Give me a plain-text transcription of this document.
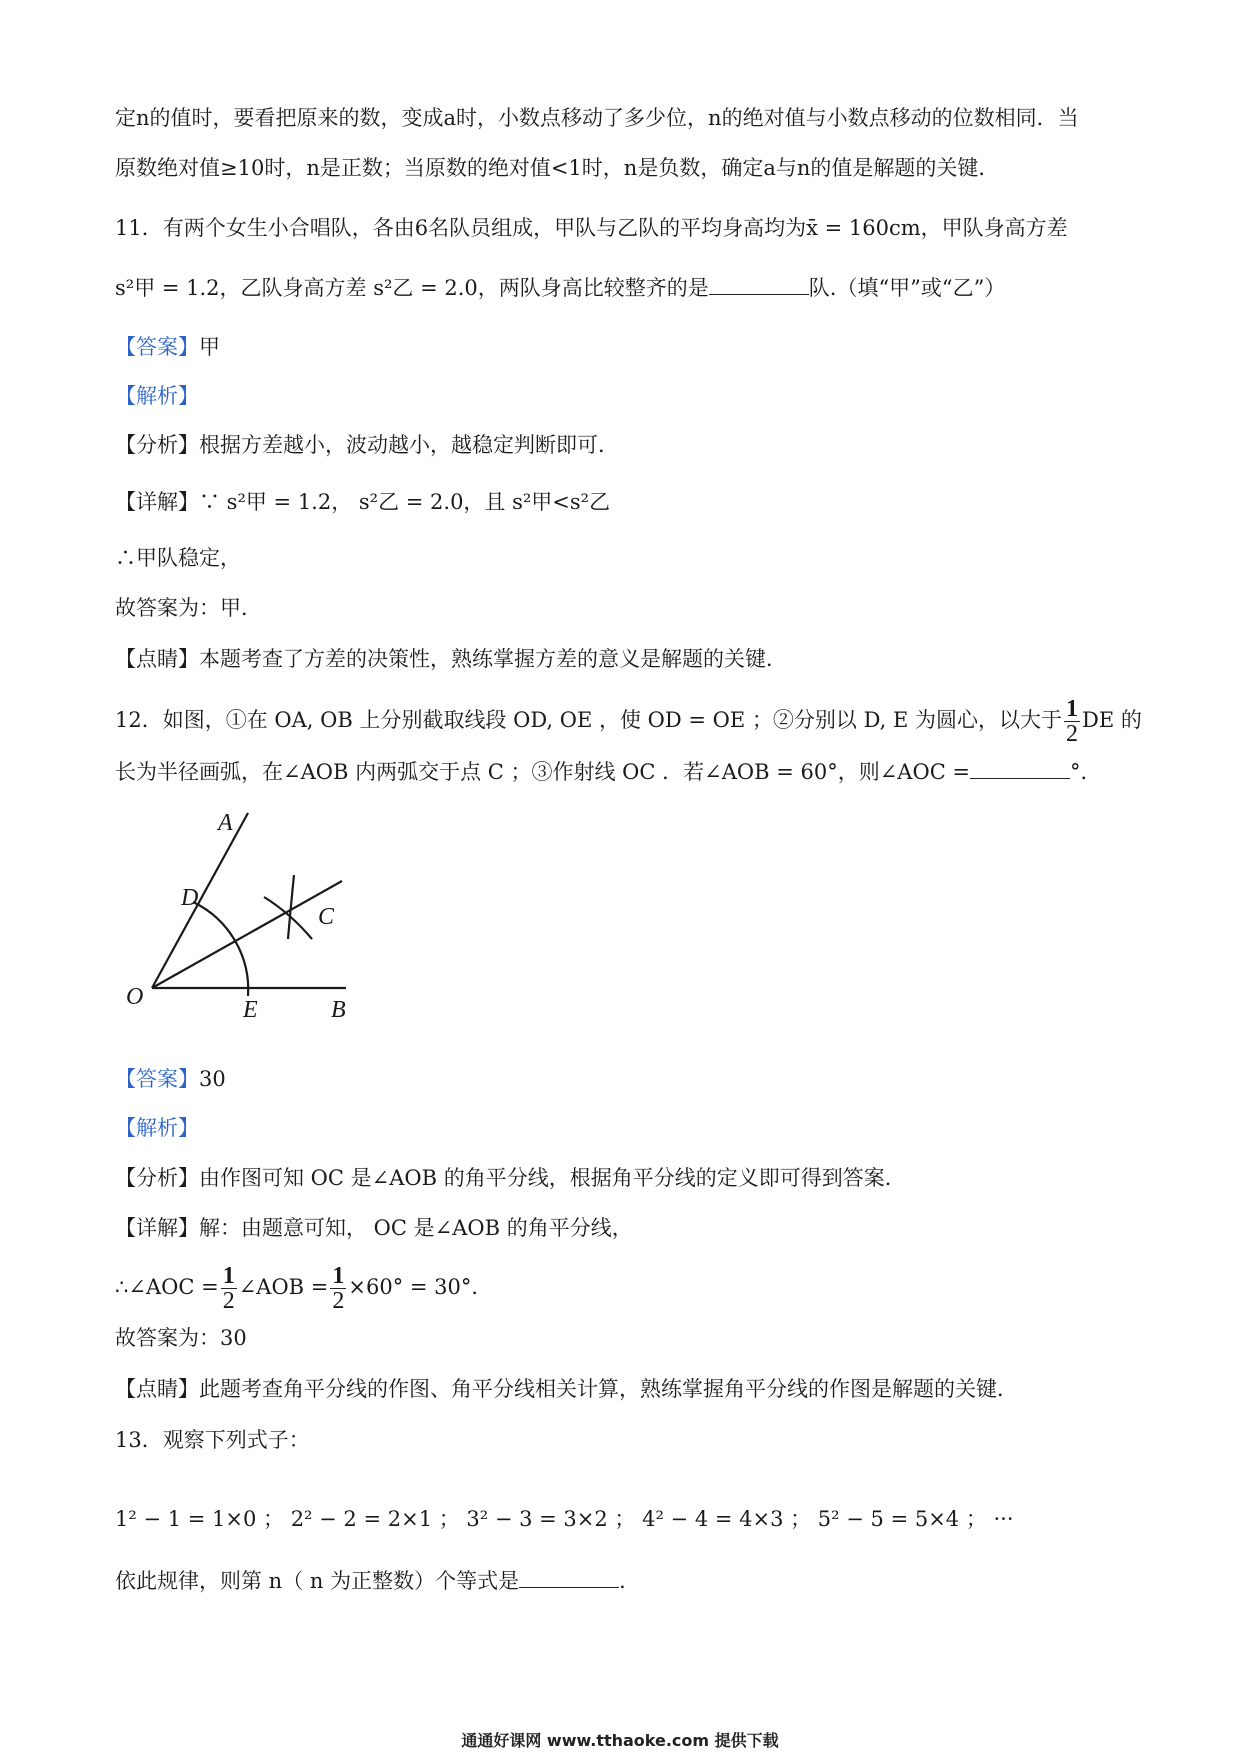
定n的值时，要看把原来的数，变成a时，小数点移动了多少位，n的绝对值与小数点移动的位数相同．当
原数绝对值≥10时，n是正数；当原数的绝对值<1时，n是负数，确定a与n的值是解题的关键．
11．有两个女生小合唱队，各由6名队员组成，甲队与乙队的平均身高均为x̄ = 160cm，甲队身高方差
s²甲 = 1.2，乙队身高方差 s²乙 = 2.0，两队身高比较整齐的是	队.（填“甲”或“乙”）
【答案】甲
【解析】
【分析】根据方差越小，波动越小，越稳定判断即可．
【详解】∵ s²甲 = 1.2， s²乙 = 2.0，且 s²甲<s²乙
∴甲队稳定，
故答案为：甲．
【点睛】本题考查了方差的决策性，熟练掌握方差的意义是解题的关键．
12．如图，①在 OA, OB 上分别截取线段 OD, OE ，使 OD = OE ；②分别以 D, E 为圆心，以大于 $\frac{1}{2}$ DE 的
长为半径画弧，在∠AOB 内两弧交于点 C ；③作射线 OC ．若∠AOB = 60°，则∠AOC =	°．
A
D
C
O	E	B
【答案】30
【解析】
【分析】由作图可知 OC 是∠AOB 的角平分线，根据角平分线的定义即可得到答案．
【详解】解：由题意可知， OC 是∠AOB 的角平分线，
∴∠AOC = $\frac{1}{2}$ ∠AOB = $\frac{1}{2} \times 60^\circ = 30^\circ$．
故答案为：30
【点睛】此题考查角平分线的作图、角平分线相关计算，熟练掌握角平分线的作图是解题的关键．
13．观察下列式子：
1² − 1 = 1×0 ； 2² − 2 = 2×1 ； 3² − 3 = 3×2 ； 4² − 4 = 4×3 ； 5² − 5 = 5×4 ； ···
依此规律，则第 n（ n 为正整数）个等式是	．
通通好课网 www.tthaoke.com 提供下载
